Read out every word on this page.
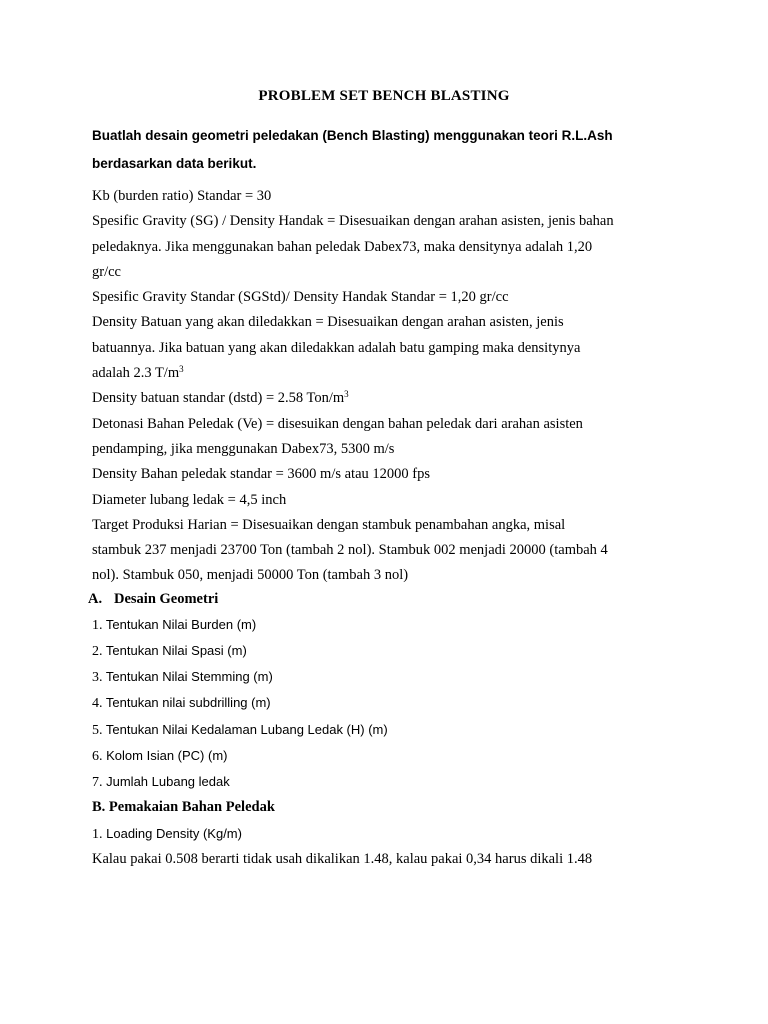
PROBLEM SET BENCH BLASTING
Buatlah desain geometri peledakan (Bench Blasting) menggunakan teori R.L.Ash
berdasarkan data berikut.
Kb (burden ratio) Standar = 30
Spesific Gravity (SG) / Density Handak = Disesuaikan dengan arahan asisten, jenis bahan
peledaknya. Jika menggunakan bahan peledak Dabex73, maka densitynya adalah 1,20
gr/cc
Spesific Gravity Standar (SGStd)/ Density Handak Standar = 1,20 gr/cc
Density Batuan yang akan diledakkan = Disesuaikan dengan arahan asisten, jenis
batuannya. Jika batuan yang akan diledakkan adalah batu gamping maka densitynya
adalah 2.3 $T/m^3$
Density batuan standar (dstd) = 2.58 Ton/$m^3$
Detonasi Bahan Peledak (Ve) = disesuikan dengan bahan peledak dari arahan asisten
pendamping, jika menggunakan Dabex73, 5300 m/s
Density Bahan peledak standar = 3600 m/s atau 12000 fps
Diameter lubang ledak = 4,5 inch
Target Produksi Harian = Disesuaikan dengan stambuk penambahan angka, misal
stambuk 237 menjadi 23700 Ton (tambah 2 nol). Stambuk 002 menjadi 20000 (tambah 4
nol). Stambuk 050, menjadi 50000 Ton (tambah 3 nol)
A. Desain Geometri
1. Tentukan Nilai Burden (m)
2. Tentukan Nilai Spasi (m)
3. Tentukan Nilai Stemming (m)
4. Tentukan nilai subdrilling (m)
5. Tentukan Nilai Kedalaman Lubang Ledak (H) (m)
6. Kolom Isian (PC) (m)
7. Jumlah Lubang ledak
B. Pemakaian Bahan Peledak
1. Loading Density (Kg/m)
Kalau pakai 0.508 berarti tidak usah dikalikan 1.48, kalau pakai 0,34 harus dikali 1.48
